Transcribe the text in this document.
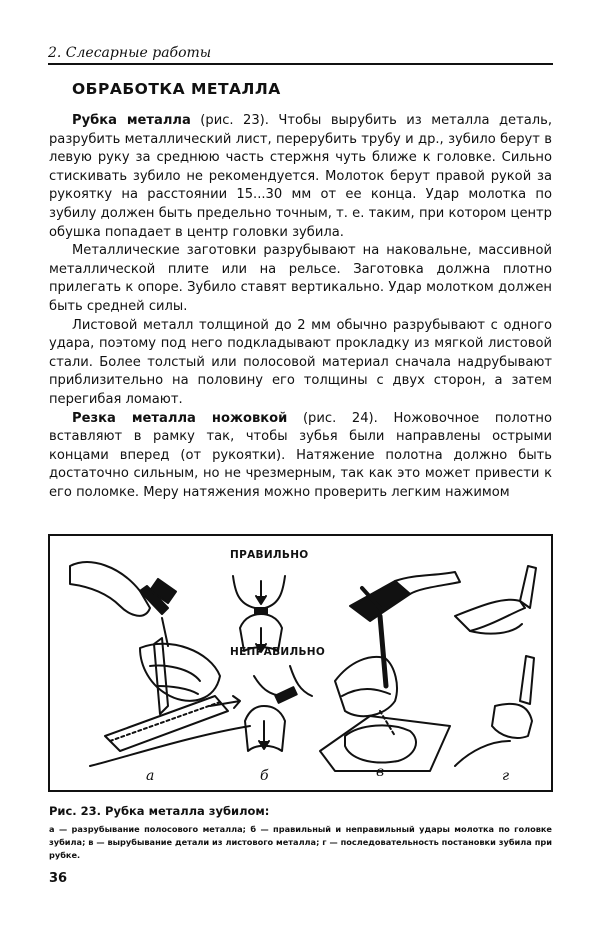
2. Слесарные работы
ОБРАБОТКА МЕТАЛЛА

Рубка металла (рис. 23). Чтобы вырубить из металла деталь, разрубить металлический лист, перерубить трубу и др., зубило берут в левую руку за среднюю часть стержня чуть ближе к головке. Сильно стискивать зубило не рекомендуется. Молоток берут правой рукой за рукоятку на расстоянии 15...30 мм от ее конца. Удар молотка по зубилу должен быть предельно точным, т. е. таким, при котором центр обушка попадает в центр головки зубила.

Металлические заготовки разрубывают на наковальне, массивной металлической плите или на рельсе. Заготовка должна плотно прилегать к опоре. Зубило ставят вертикально. Удар молотком должен быть средней силы.

Листовой металл толщиной до 2 мм обычно разрубывают с одного удара, поэтому под него подкладывают прокладку из мягкой листовой стали. Более толстый или полосовой материал сначала надрубывают приблизительно на половину его толщины с двух сторон, а затем перегибая ломают.

Резка металла ножовкой (рис. 24). Ножовочное полотно вставляют в рамку так, чтобы зубья были направлены острыми концами вперед (от рукоятки). Натяжение полотна должно быть достаточно сильным, но не чрезмерным, так как это может привести к его поломке. Меру натяжения можно проверить легким нажимом

ПРАВИЛЬНО
НЕПРАВИЛЬНО
а	б	в	г
Рис. 23. Рубка металла зубилом:
а — разрубывание полосового металла; б — правильный и неправильный удары молотка по головке зубила; в — вырубывание детали из листового металла; г — последовательность постановки зубила при рубке.
36
